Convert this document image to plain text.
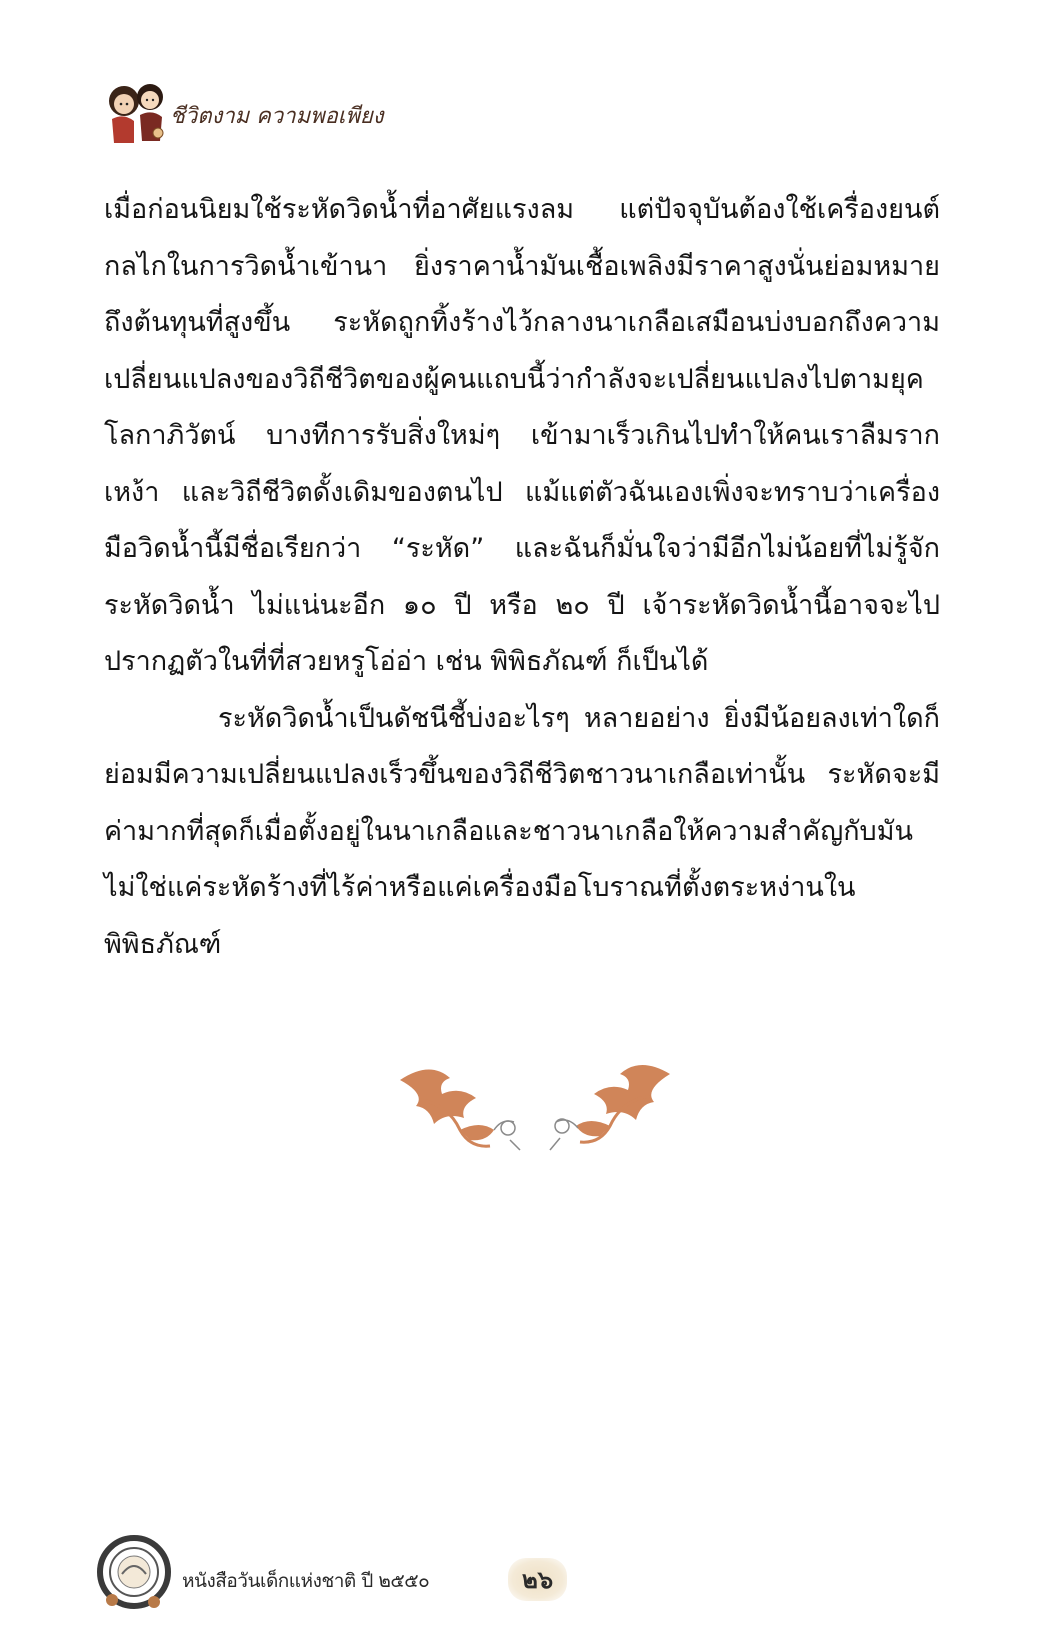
ชีวิตงาม ความพอเพียง

เมื่อก่อนนิยมใช้ระหัดวิดน้ำที่อาศัยแรงลม แต่ปัจจุบันต้องใช้เครื่องยนต์กลไกในการวิดน้ำเข้านา ยิ่งราคาน้ำมันเชื้อเพลิงมีราคาสูงนั่นย่อมหมายถึงต้นทุนที่สูงขึ้น ระหัดถูกทิ้งร้างไว้กลางนาเกลือเสมือนบ่งบอกถึงความเปลี่ยนแปลงของวิถีชีวิตของผู้คนแถบนี้ว่ากำลังจะเปลี่ยนแปลงไปตามยุคโลกาภิวัตน์ บางทีการรับสิ่งใหม่ๆ เข้ามาเร็วเกินไปทำให้คนเราลืมรากเหง้า และวิถีชีวิตดั้งเดิมของตนไป แม้แต่ตัวฉันเองเพิ่งจะทราบว่าเครื่องมือวิดน้ำนี้มีชื่อเรียกว่า “ระหัด” และฉันก็มั่นใจว่ามีอีกไม่น้อยที่ไม่รู้จัก ระหัดวิดน้ำ ไม่แน่นะอีก ๑๐ ปี หรือ ๒๐ ปี เจ้าระหัดวิดน้ำนี้อาจจะไปปรากฏตัวในที่ที่สวยหรูโอ่อ่า เช่น พิพิธภัณฑ์ ก็เป็นได้

ระหัดวิดน้ำเป็นดัชนีชี้บ่งอะไรๆ หลายอย่าง ยิ่งมีน้อยลงเท่าใดก็ย่อมมีความเปลี่ยนแปลงเร็วขึ้นของวิถีชีวิตชาวนาเกลือเท่านั้น ระหัดจะมีค่ามากที่สุดก็เมื่อตั้งอยู่ในนาเกลือและชาวนาเกลือให้ความสำคัญกับมัน ไม่ใช่แค่ระหัดร้างที่ไร้ค่าหรือแค่เครื่องมือโบราณที่ตั้งตระหง่านในพิพิธภัณฑ์

หนังสือวันเด็กแห่งชาติ ปี ๒๕๕๐	๒๖
